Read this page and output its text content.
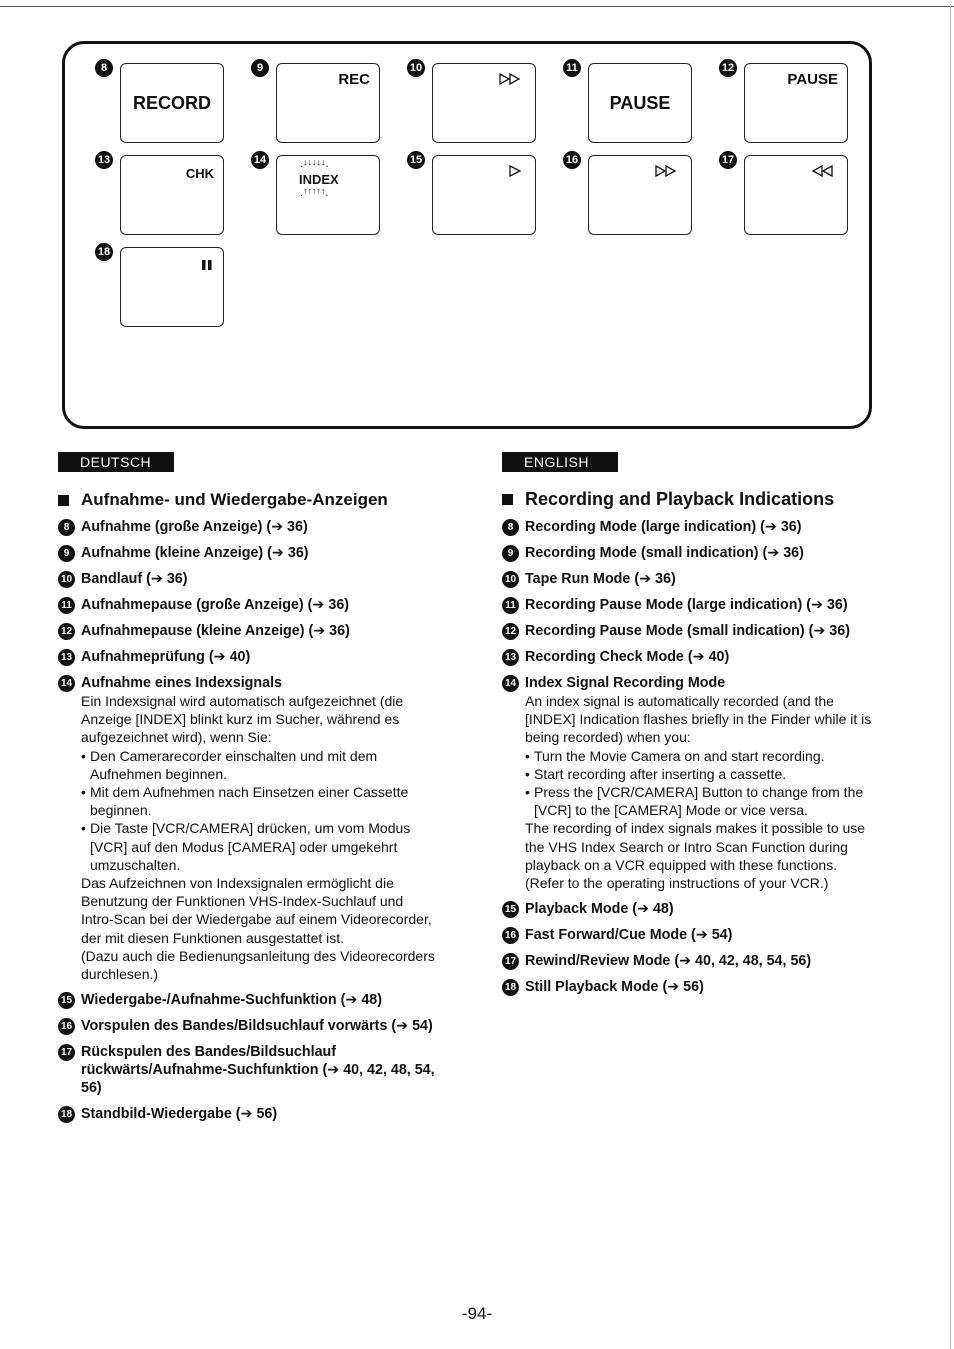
8
RECORD
9
REC
10	11
PAUSE
12
PAUSE
13
CHK
14	ˎ↓↓↓↓↓ˏ
INDEX
ˏ↑↑↑↑↑ˎ
15	16	17
18
DEUTSCH
Aufnahme- und Wiedergabe-Anzeigen
8 Aufnahme (große Anzeige) (➔ 36)
9 Aufnahme (kleine Anzeige) (➔ 36)
10 Bandlauf (➔ 36)
11 Aufnahmepause (große Anzeige) (➔ 36)
12 Aufnahmepause (kleine Anzeige) (➔ 36)
13 Aufnahmeprüfung (➔ 40)
14 Aufnahme eines Indexsignals
Ein Indexsignal wird automatisch aufgezeichnet (die Anzeige [INDEX] blinkt kurz im Sucher, während es aufgezeichnet wird), wenn Sie:
• Den Camerarecorder einschalten und mit dem Aufnehmen beginnen.
• Mit dem Aufnehmen nach Einsetzen einer Cassette beginnen.
• Die Taste [VCR/CAMERA] drücken, um vom Modus [VCR] auf den Modus [CAMERA] oder umgekehrt umzuschalten.
Das Aufzeichnen von Indexsignalen ermöglicht die Benutzung der Funktionen VHS-Index-Suchlauf und Intro-Scan bei der Wiedergabe auf einem Videorecorder, der mit diesen Funktionen ausgestattet ist.
(Dazu auch die Bedienungsanleitung des Videorecorders durchlesen.)
15 Wiedergabe-/Aufnahme-Suchfunktion (➔ 48)
16 Vorspulen des Bandes/Bildsuchlauf vorwärts (➔ 54)
17 Rückspulen des Bandes/Bildsuchlauf rückwärts/Aufnahme-Suchfunktion (➔ 40, 42, 48, 54, 56)
18 Standbild-Wiedergabe (➔ 56)
ENGLISH
Recording and Playback Indications
8 Recording Mode (large indication) (➔ 36)
9 Recording Mode (small indication) (➔ 36)
10 Tape Run Mode (➔ 36)
11 Recording Pause Mode (large indication) (➔ 36)
12 Recording Pause Mode (small indication) (➔ 36)
13 Recording Check Mode (➔ 40)
14 Index Signal Recording Mode
An index signal is automatically recorded (and the [INDEX] Indication flashes briefly in the Finder while it is being recorded) when you:
• Turn the Movie Camera on and start recording.
• Start recording after inserting a cassette.
• Press the [VCR/CAMERA] Button to change from the [VCR] to the [CAMERA] Mode or vice versa.
The recording of index signals makes it possible to use the VHS Index Search or Intro Scan Function during playback on a VCR equipped with these functions.
(Refer to the operating instructions of your VCR.)
15 Playback Mode (➔ 48)
16 Fast Forward/Cue Mode (➔ 54)
17 Rewind/Review Mode (➔ 40, 42, 48, 54, 56)
18 Still Playback Mode (➔ 56)
-94-
